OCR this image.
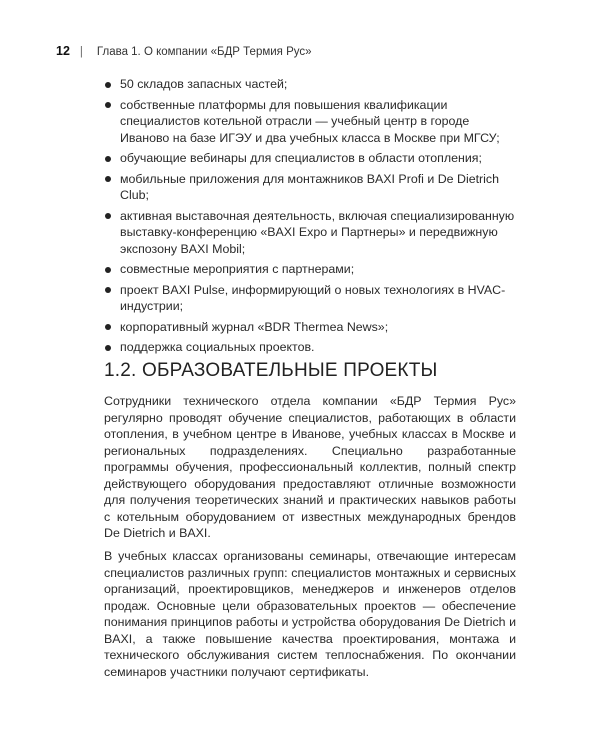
12 | Глава 1. О компании «БДР Термия Рус»
50 складов запасных частей;
собственные платформы для повышения квалификации специалистов котельной отрасли — учебный центр в городе Иваново на базе ИГЭУ и два учебных класса в Москве при МГСУ;
обучающие вебинары для специалистов в области отопления;
мобильные приложения для монтажников BAXI Profi и De Dietrich Club;
активная выставочная деятельность, включая специализированную выставку-конференцию «BAXI Expo и Партнеры» и передвижную экспозону BAXI Mobil;
совместные мероприятия с партнерами;
проект BAXI Pulse, информирующий о новых технологиях в HVAC-индустрии;
корпоративный журнал «BDR Thermea News»;
поддержка социальных проектов.
1.2. ОБРАЗОВАТЕЛЬНЫЕ ПРОЕКТЫ

Сотрудники технического отдела компании «БДР Термия Рус» регулярно проводят обучение специалистов, работающих в области отопления, в учебном центре в Иванове, учебных классах в Москве и региональных подразделениях. Специально разработанные программы обучения, профессиональный коллектив, полный спектр действующего оборудования предоставляют отличные возможности для получения теоретических знаний и практических навыков работы с котельным оборудованием от известных международных брендов De Dietrich и BAXI.

В учебных классах организованы семинары, отвечающие интересам специалистов различных групп: специалистов монтажных и сервисных организаций, проектировщиков, менеджеров и инженеров отделов продаж. Основные цели образовательных проектов — обеспечение понимания принципов работы и устройства оборудования De Dietrich и BAXI, а также повышение качества проектирования, монтажа и технического обслуживания систем теплоснабжения. По окончании семинаров участники получают сертификаты.
